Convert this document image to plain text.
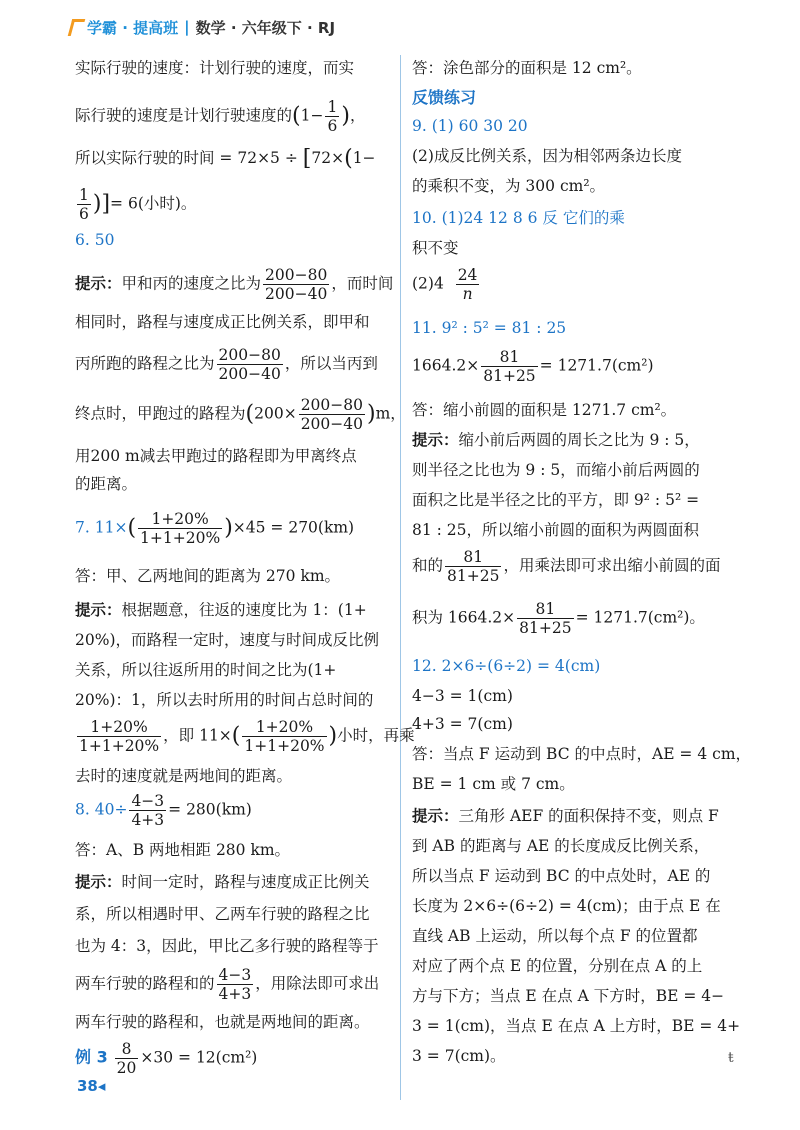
学霸 · 提高班 | 数学 · 六年级下 · RJ
实际行驶的速度：计划行驶的速度，而实
际行驶的速度是计划行驶速度的($1- \frac{1}{6}$ )，
所以实际行驶的时间 = 72×5 ÷ [72×(1−
$\frac{1}{6}$ )]= 6(小时)。
6. 50
提示：甲和丙的速度之比为 $\frac{200-80}{200-40}$ ，而时间
相同时，路程与速度成正比例关系，即甲和
丙所跑的路程之比为 $\frac{200-80}{200-40}$ ，所以当丙到
终点时，甲跑过的路程为$(200\times \frac{200-80}{200-40} )m$，
用200 m减去甲跑过的路程即为甲离终点
的距离。
7. $11\times( \frac{1+20\%}{1+1+20\%} )\times 45 = 270(km)$
答：甲、乙两地间的距离为 270 km。
提示：根据题意，往返的速度比为 1：(1+
20%)，而路程一定时，速度与时间成反比例
关系，所以往返所用的时间之比为(1+
20%)：1，所以去时所用的时间占总时间的
$\frac{1+20\%}{1+1+20\%}$ ，即 $11\times( \frac{1+20\%}{1+1+20\%}$ )小时，再乘
去时的速度就是两地间的距离。
8. $40\div \frac{4-3}{4+3} = 280(km)$
答：A、B 两地相距 280 km。
提示：时间一定时，路程与速度成正比例关
系，所以相遇时甲、乙两车行驶的路程之比
也为 4：3，因此，甲比乙多行驶的路程等于
两车行驶的路程和的 $\frac{4-3}{4+3}$ ，用除法即可求出
两车行驶的路程和，也就是两地间的距离。
例 $3 \frac{8}{20} \times 30 = 12(cm^2)$
答：涂色部分的面积是 12 cm²。
反馈练习
9. (1) 60 30 20
(2)成反比例关系，因为相邻两条边长度
的乘积不变，为 300 cm²。
10. (1)24 12 8 6 反 它们的乘
积不变
$(2)4 \frac{24}{n}$
11. 9² : 5² = 81 : 25
$1664.2\times \frac{81}{81+25} = 1271.7(cm^2)$
答：缩小前圆的面积是 1271.7 cm²。
提示：缩小前后两圆的周长之比为 9 : 5，
则半径之比也为 9 : 5，而缩小前后两圆的
面积之比是半径之比的平方，即 9² : 5² =
81 : 25，所以缩小前圆的面积为两圆面积
和的 $\frac{81}{81+25}$ ，用乘法即可求出缩小前圆的面
积为 $1664.2\times \frac{81}{81+25} = 1271.7(cm^2)$。
12. 2×6÷(6÷2) = 4(cm)
4−3 = 1(cm)
4+3 = 7(cm)
答：当点 F 运动到 BC 的中点时，AE = 4 cm，
BE = 1 cm 或 7 cm。
提示：三角形 AEF 的面积保持不变，则点 F
到 AB 的距离与 AE 的长度成反比例关系，
所以当点 F 运动到 BC 的中点处时，AE 的
长度为 2×6÷(6÷2) = 4(cm)；由于点 E 在
直线 AB 上运动，所以每个点 F 的位置都
对应了两个点 E 的位置，分别在点 A 的上
方与下方；当点 E 在点 A 下方时，BE = 4−
3 = 1(cm)，当点 E 在点 A 上方时，BE = 4+
3 = 7(cm)。	ŧ
38◂
